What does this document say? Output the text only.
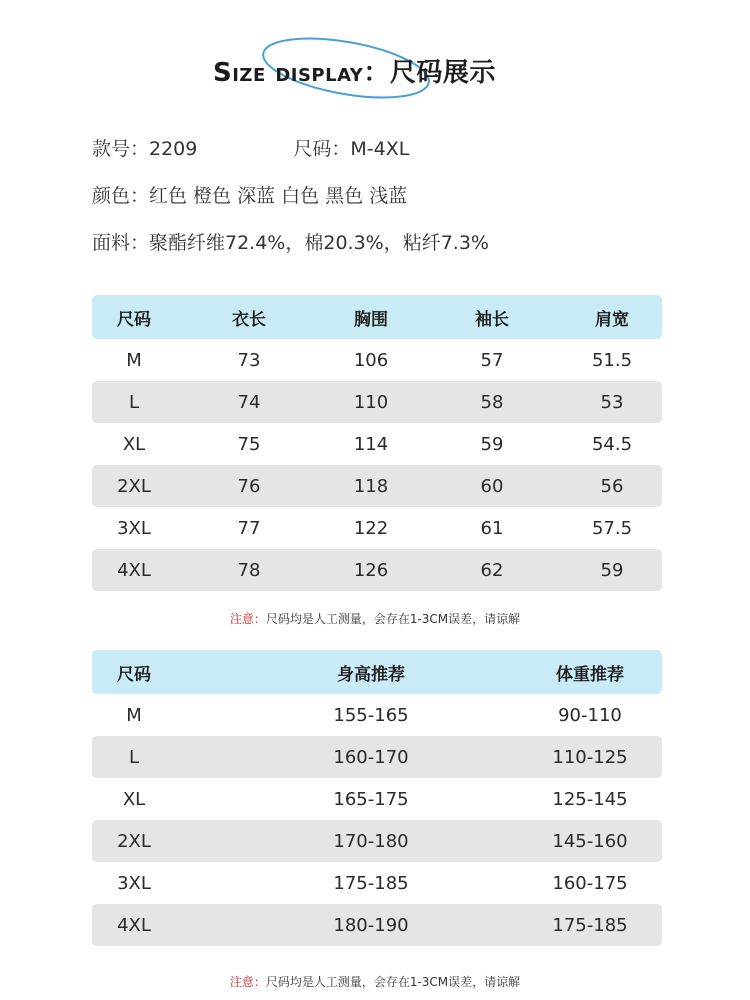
Size display：尺码展示
款号：2209	尺码：M-4XL
颜色：红色 橙色 深蓝 白色 黑色 浅蓝
面料：聚酯纤维72.4%，棉20.3%，粘纤7.3%
尺码	衣长	胸围	袖长	肩宽
M	73	106	57	51.5
L	74	110	58	53
XL	75	114	59	54.5
2XL	76	118	60	56
3XL	77	122	61	57.5
4XL	78	126	62	59
注意：尺码均是人工测量，会存在1-3CM误差，请谅解
尺码	身高推荐	体重推荐
M	155-165	90-110
L	160-170	110-125
XL	165-175	125-145
2XL	170-180	145-160
3XL	175-185	160-175
4XL	180-190	175-185
注意：尺码均是人工测量，会存在1-3CM误差，请谅解
